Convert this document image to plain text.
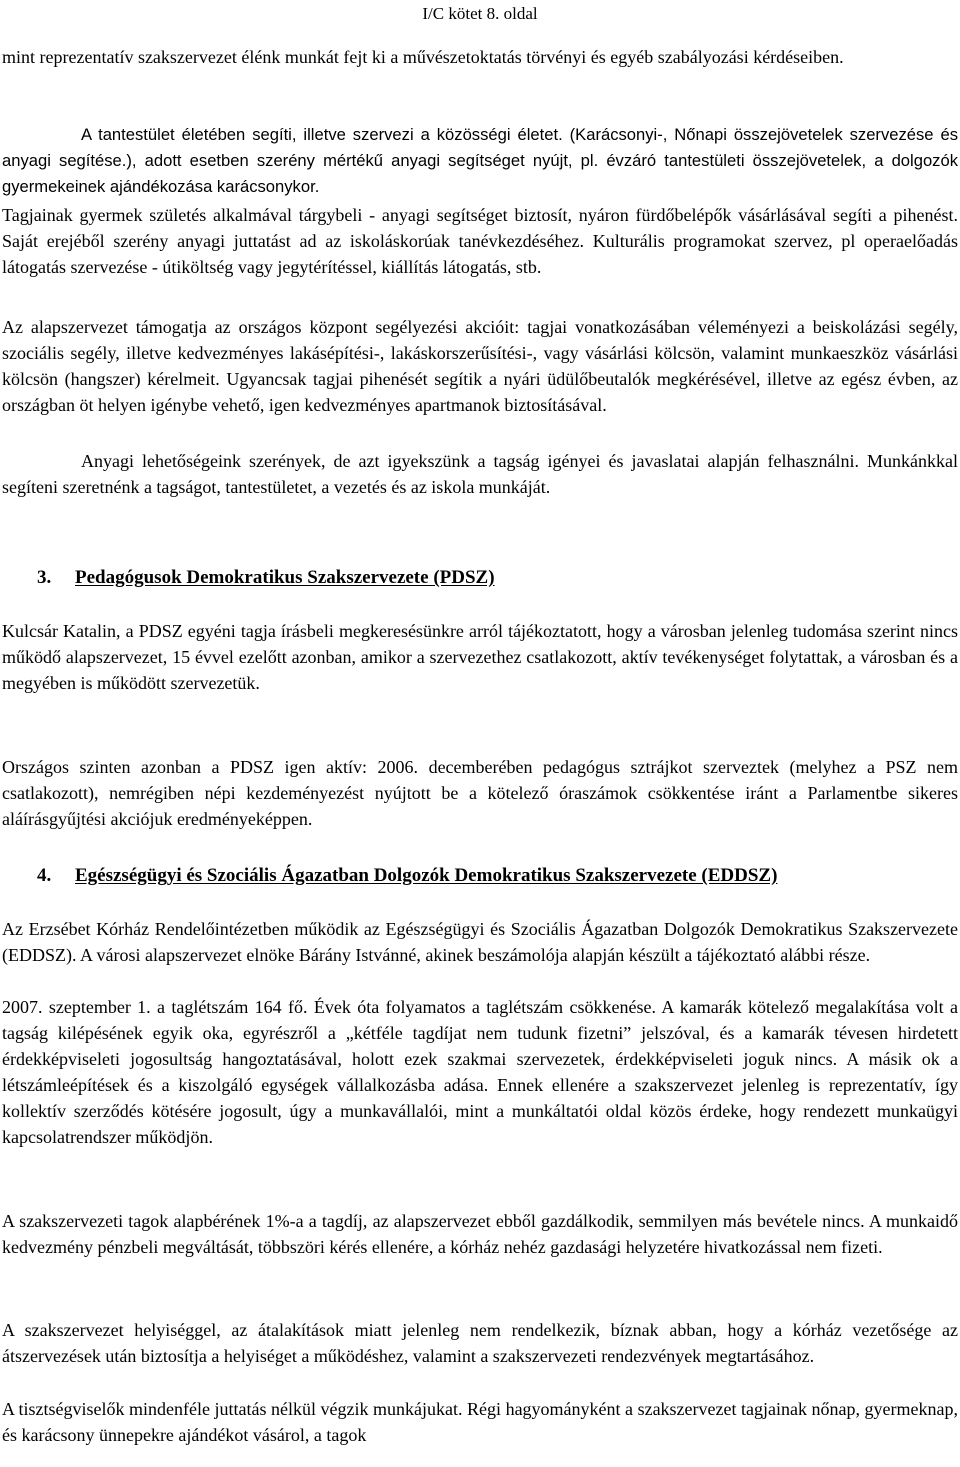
I/C kötet 8. oldal

mint reprezentatív szakszervezet élénk munkát fejt ki a művészetoktatás törvényi és egyéb szabályozási kérdéseiben.

A tantestület életében segíti, illetve szervezi a közösségi életet. (Karácsonyi-, Nőnapi összejövetelek szervezése és anyagi segítése.), adott esetben szerény mértékű anyagi segítséget nyújt, pl. évzáró tantestületi összejövetelek, a dolgozók gyermekeinek ajándékozása karácsonykor.

Tagjainak gyermek születés alkalmával tárgybeli - anyagi segítséget biztosít, nyáron fürdőbelépők vásárlásával segíti a pihenést. Saját erejéből szerény anyagi juttatást ad az iskoláskorúak tanévkezdéséhez. Kulturális programokat szervez, pl operaelőadás látogatás szervezése - útiköltség vagy jegytérítéssel, kiállítás látogatás, stb.

Az alapszervezet támogatja az országos központ segélyezési akcióit: tagjai vonatkozásában véleményezi a beiskolázási segély, szociális segély, illetve kedvezményes lakásépítési-, lakáskorszerűsítési-, vagy vásárlási kölcsön, valamint munkaeszköz vásárlási kölcsön (hangszer) kérelmeit. Ugyancsak tagjai pihenését segítik a nyári üdülőbeutalók megkérésével, illetve az egész évben, az országban öt helyen igénybe vehető, igen kedvezményes apartmanok biztosításával.

Anyagi lehetőségeink szerények, de azt igyekszünk a tagság igényei és javaslatai alapján felhasználni. Munkánkkal segíteni szeretnénk a tagságot, tantestületet, a vezetés és az iskola munkáját.

3. Pedagógusok Demokratikus Szakszervezete (PDSZ)

Kulcsár Katalin, a PDSZ egyéni tagja írásbeli megkeresésünkre arról tájékoztatott, hogy a városban jelenleg tudomása szerint nincs működő alapszervezet, 15 évvel ezelőtt azonban, amikor a szervezethez csatlakozott, aktív tevékenységet folytattak, a városban és a megyében is működött szervezetük.

Országos szinten azonban a PDSZ igen aktív: 2006. decemberében pedagógus sztrájkot szerveztek (melyhez a PSZ nem csatlakozott), nemrégiben népi kezdeményezést nyújtott be a kötelező óraszámok csökkentése iránt a Parlamentbe sikeres aláírásgyűjtési akciójuk eredményeképpen.

4. Egészségügyi és Szociális Ágazatban Dolgozók Demokratikus Szakszervezete (EDDSZ)

Az Erzsébet Kórház Rendelőintézetben működik az Egészségügyi és Szociális Ágazatban Dolgozók Demokratikus Szakszervezete (EDDSZ). A városi alapszervezet elnöke Bárány Istvánné, akinek beszámolója alapján készült a tájékoztató alábbi része.

2007. szeptember 1. a taglétszám 164 fő. Évek óta folyamatos a taglétszám csökkenése. A kamarák kötelező megalakítása volt a tagság kilépésének egyik oka, egyrészről a „kétféle tagdíjat nem tudunk fizetni” jelszóval, és a kamarák tévesen hirdetett érdekképviseleti jogosultság hangoztatásával, holott ezek szakmai szervezetek, érdekképviseleti joguk nincs. A másik ok a létszámleépítések és a kiszolgáló egységek vállalkozásba adása. Ennek ellenére a szakszervezet jelenleg is reprezentatív, így kollektív szerződés kötésére jogosult, úgy a munkavállalói, mint a munkáltatói oldal közös érdeke, hogy rendezett munkaügyi kapcsolatrendszer működjön.

A szakszervezeti tagok alapbérének 1%-a a tagdíj, az alapszervezet ebből gazdálkodik, semmilyen más bevétele nincs. A munkaidő kedvezmény pénzbeli megváltását, többszöri kérés ellenére, a kórház nehéz gazdasági helyzetére hivatkozással nem fizeti.

A szakszervezet helyiséggel, az átalakítások miatt jelenleg nem rendelkezik, bíznak abban, hogy a kórház vezetősége az átszervezések után biztosítja a helyiséget a működéshez, valamint a szakszervezeti rendezvények megtartásához.

A tisztségviselők mindenféle juttatás nélkül végzik munkájukat. Régi hagyományként a szakszervezet tagjainak nőnap, gyermeknap, és karácsony ünnepekre ajándékot vásárol, a tagok
